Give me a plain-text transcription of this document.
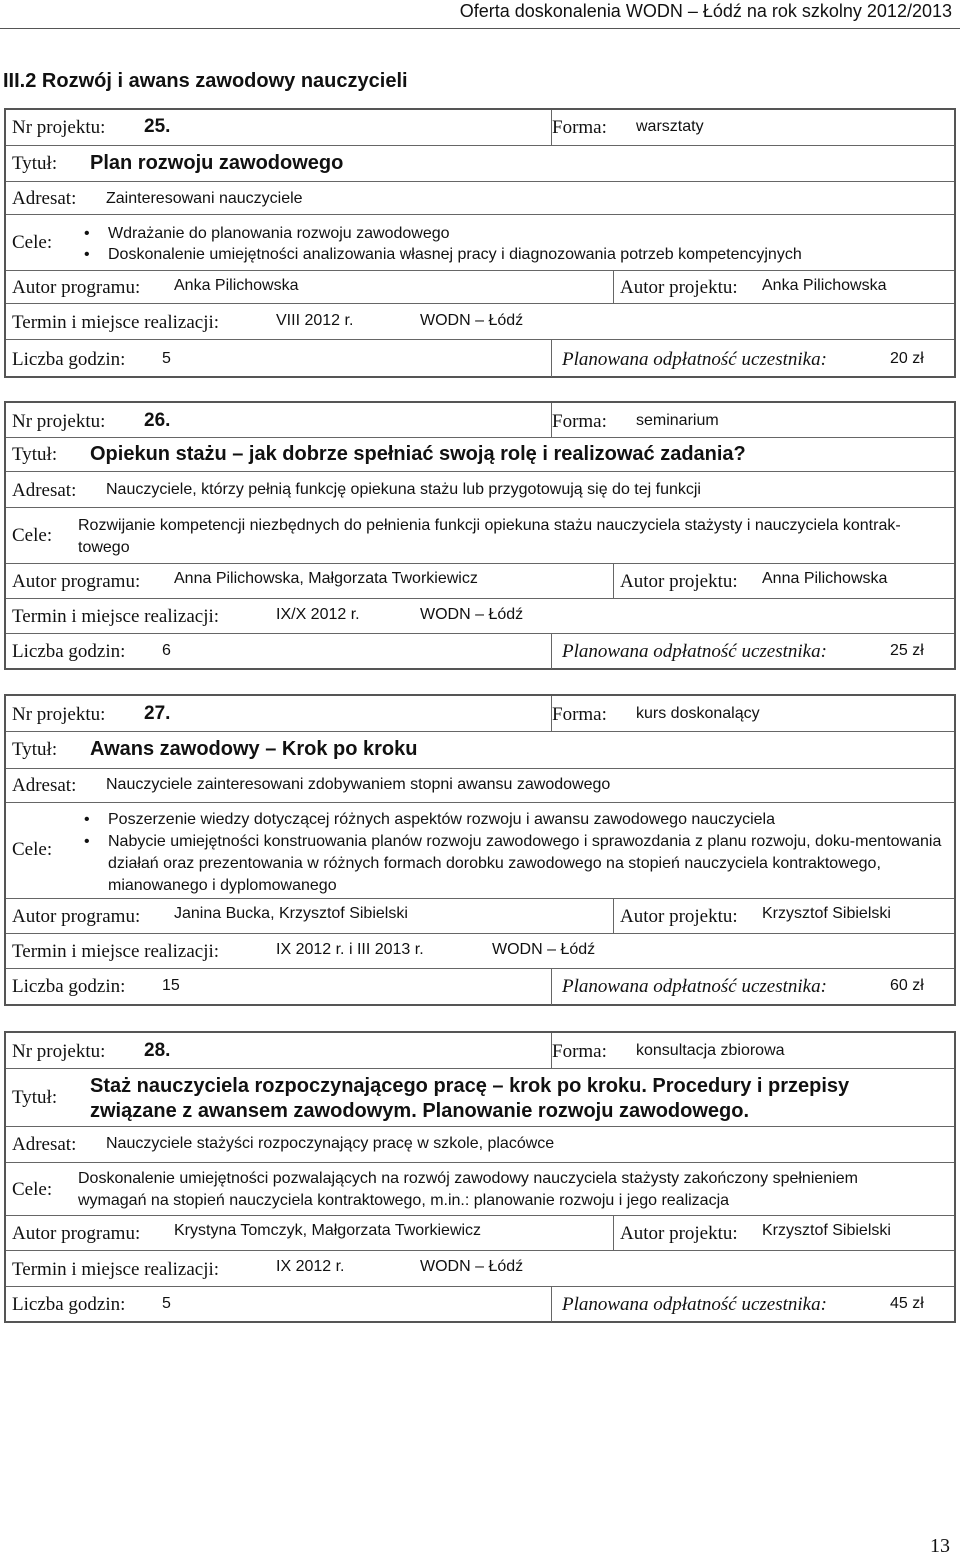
Oferta doskonalenia WODN – Łódź na rok szkolny 2012/2013
III.2 Rozwój i awans zawodowy nauczycieli
Nr projektu: 25.	Forma: warsztaty
Tytuł: Plan rozwoju zawodowego
Adresat: Zainteresowani nauczyciele
Cele:
•	Wdrażanie do planowania rozwoju zawodowego
• Doskonalenie umiejętności analizowania własnej pracy i diagnozowania potrzeb kompetencyjnych
Autor programu: Anka Pilichowska	Autor projektu: Anka Pilichowska
Termin i miejsce realizacji:	VIII 2012 r.	WODN – Łódź
Liczba godzin: 5	Planowana odpłatność uczestnika:	20 zł
Nr projektu: 26.	Forma: seminarium
Tytuł: Opiekun stażu – jak dobrze spełniać swoją rolę i realizować zadania?
Adresat: Nauczyciele, którzy pełnią funkcję opiekuna stażu lub przygotowują się do tej funkcji
Cele: Rozwijanie kompetencji niezbędnych do pełnienia funkcji opiekuna stażu nauczyciela stażysty i nauczyciela kontrak-
towego
Autor programu: Anna Pilichowska, Małgorzata Tworkiewicz	Autor projektu: Anna Pilichowska
Termin i miejsce realizacji:	IX/X 2012 r.	WODN – Łódź
Liczba godzin: 6	Planowana odpłatność uczestnika:	25 zł
Nr projektu: 27.	Forma: kurs doskonalący
Tytuł: Awans zawodowy – Krok po kroku
Adresat: Nauczyciele zainteresowani zdobywaniem stopni awansu zawodowego
Cele:
• Poszerzenie wiedzy dotyczącej różnych aspektów rozwoju i awansu zawodowego nauczyciela
• Nabycie umiejętności konstruowania planów rozwoju zawodowego i sprawozdania z planu rozwoju, doku-mentowania działań oraz prezentowania w różnych formach dorobku zawodowego na stopień nauczyciela kontraktowego, mianowanego i dyplomowanego
Autor programu: Janina Bucka, Krzysztof Sibielski	Autor projektu: Krzysztof Sibielski
Termin i miejsce realizacji:	IX 2012 r. i III 2013 r.	WODN – Łódź
Liczba godzin: 15	Planowana odpłatność uczestnika:	60 zł
Nr projektu: 28.	Forma: konsultacja zbiorowa
Tytuł:
Staż nauczyciela rozpoczynającego pracę – krok po kroku. Procedury i przepisy
związane z awansem zawodowym. Planowanie rozwoju zawodowego.
Adresat: Nauczyciele stażyści rozpoczynający pracę w szkole, placówce
Cele:
Doskonalenie umiejętności pozwalających na rozwój zawodowy nauczyciela stażysty zakończony spełnieniem
wymagań na stopień nauczyciela kontraktowego, m.in.: planowanie rozwoju i jego realizacja
Autor programu: Krystyna Tomczyk, Małgorzata Tworkiewicz	Autor projektu: Krzysztof Sibielski
Termin i miejsce realizacji:	IX 2012 r.	WODN – Łódź
Liczba godzin: 5	Planowana odpłatność uczestnika:	45 zł
13
